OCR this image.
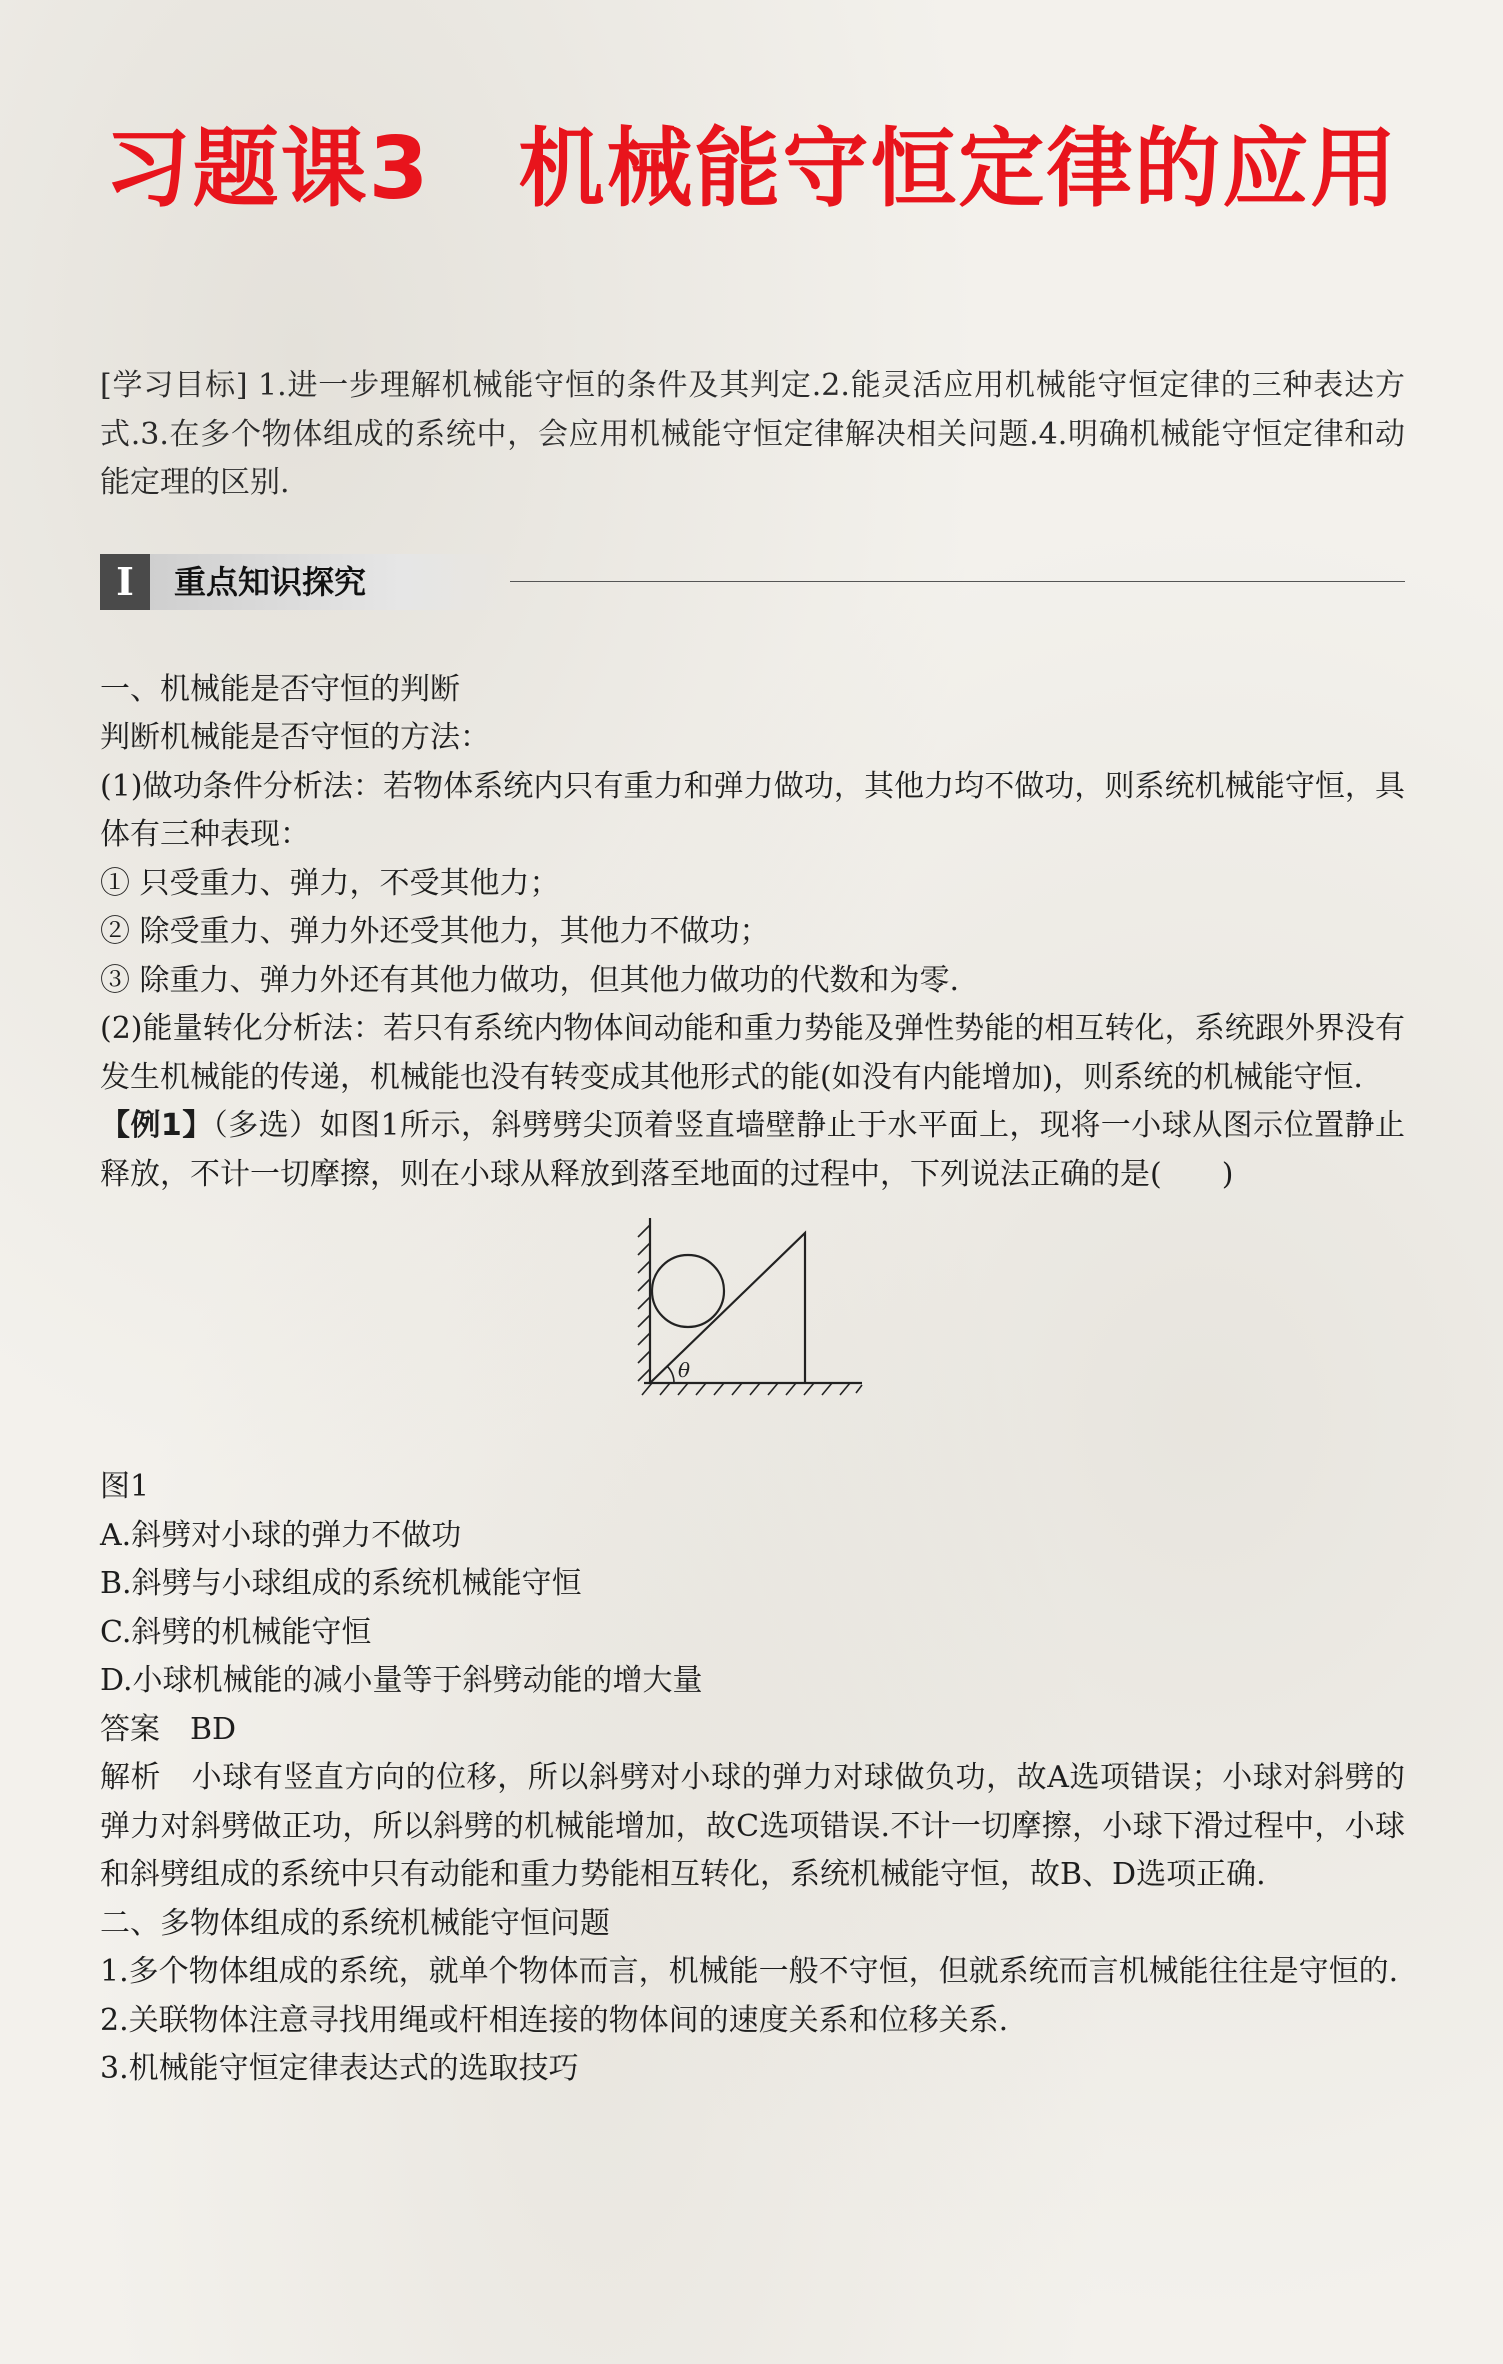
习题课3　机械能守恒定律的应用

[学习目标] 1.进一步理解机械能守恒的条件及其判定.2.能灵活应用机械能守恒定律的三种表达方式.3.在多个物体组成的系统中，会应用机械能守恒定律解决相关问题.4.明确机械能守恒定律和动能定理的区别.

I	重点知识探究

一、机械能是否守恒的判断

判断机械能是否守恒的方法：

(1)做功条件分析法：若物体系统内只有重力和弹力做功，其他力均不做功，则系统机械能守恒，具体有三种表现：

① 只受重力、弹力，不受其他力；

② 除受重力、弹力外还受其他力，其他力不做功；

③ 除重力、弹力外还有其他力做功，但其他力做功的代数和为零.

(2)能量转化分析法：若只有系统内物体间动能和重力势能及弹性势能的相互转化，系统跟外界没有发生机械能的传递，机械能也没有转变成其他形式的能(如没有内能增加)，则系统的机械能守恒.

【例1】（多选）如图1所示，斜劈劈尖顶着竖直墙壁静止于水平面上，现将一小球从图示位置静止释放，不计一切摩擦，则在小球从释放到落至地面的过程中，下列说法正确的是(　　)

θ

图1

A.斜劈对小球的弹力不做功

B.斜劈与小球组成的系统机械能守恒

C.斜劈的机械能守恒

D.小球机械能的减小量等于斜劈动能的增大量

答案　BD

解析　小球有竖直方向的位移，所以斜劈对小球的弹力对球做负功，故A选项错误；小球对斜劈的弹力对斜劈做正功，所以斜劈的机械能增加，故C选项错误.不计一切摩擦，小球下滑过程中，小球和斜劈组成的系统中只有动能和重力势能相互转化，系统机械能守恒，故B、D选项正确.

二、多物体组成的系统机械能守恒问题

1.多个物体组成的系统，就单个物体而言，机械能一般不守恒，但就系统而言机械能往往是守恒的.

2.关联物体注意寻找用绳或杆相连接的物体间的速度关系和位移关系.

3.机械能守恒定律表达式的选取技巧
